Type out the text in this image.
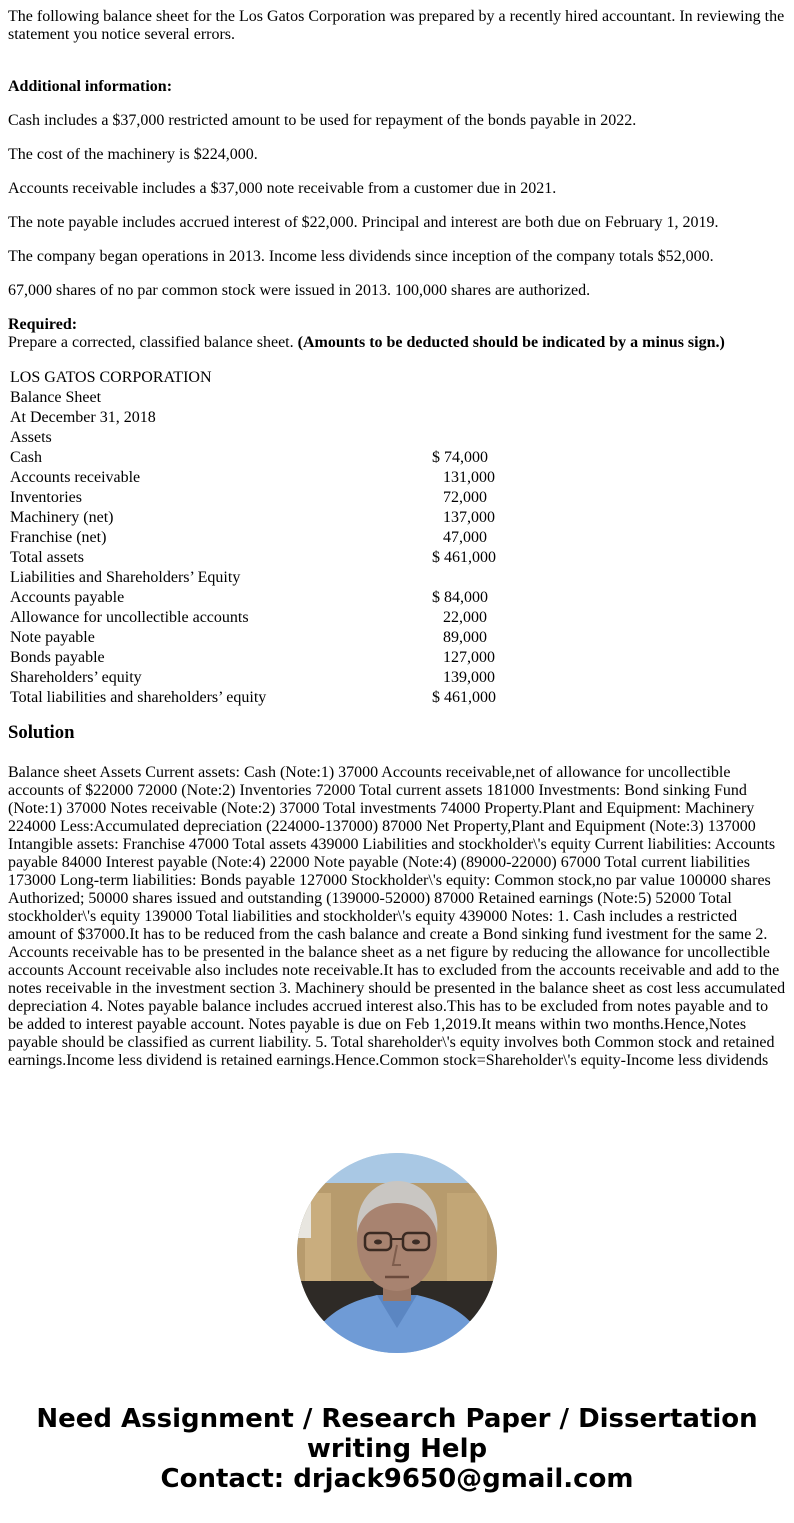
The following balance sheet for the Los Gatos Corporation was prepared by a recently hired accountant. In reviewing the statement you notice several errors.

Additional information:

Cash includes a $37,000 restricted amount to be used for repayment of the bonds payable in 2022.

The cost of the machinery is $224,000.

Accounts receivable includes a $37,000 note receivable from a customer due in 2021.

The note payable includes accrued interest of $22,000. Principal and interest are both due on February 1, 2019.

The company began operations in 2013. Income less dividends since inception of the company totals $52,000.

67,000 shares of no par common stock were issued in 2013. 100,000 shares are authorized.

Required:

Prepare a corrected, classified balance sheet. (Amounts to be deducted should be indicated by a minus sign.)

LOS GATOS CORPORATION	
Balance Sheet	
At December 31, 2018	
Assets	
Cash	$ 74,000
Accounts receivable	131,000
Inventories	72,000
Machinery (net)	137,000
Franchise (net)	47,000
Total assets	$ 461,000
Liabilities and Shareholders’ Equity	
Accounts payable	$ 84,000
Allowance for uncollectible accounts	22,000
Note payable	89,000
Bonds payable	127,000
Shareholders’ equity	139,000
Total liabilities and shareholders’ equity	$ 461,000
Solution

Balance sheet Assets Current assets: Cash (Note:1) 37000 Accounts receivable,net of allowance for uncollectible accounts of $22000 72000 (Note:2) Inventories 72000 Total current assets 181000 Investments: Bond sinking Fund (Note:1) 37000 Notes receivable (Note:2) 37000 Total investments 74000 Property.Plant and Equipment: Machinery 224000 Less:Accumulated depreciation (224000-137000) 87000 Net Property,Plant and Equipment (Note:3) 137000 Intangible assets: Franchise 47000 Total assets 439000 Liabilities and stockholder\'s equity Current liabilities: Accounts payable 84000 Interest payable (Note:4) 22000 Note payable (Note:4) (89000-22000) 67000 Total current liabilities 173000 Long-term liabilities: Bonds payable 127000 Stockholder\'s equity: Common stock,no par value 100000 shares Authorized; 50000 shares issued and outstanding (139000-52000) 87000 Retained earnings (Note:5) 52000 Total stockholder\'s equity 139000 Total liabilities and stockholder\'s equity 439000 Notes: 1. Cash includes a restricted amount of $37000.It has to be reduced from the cash balance and create a Bond sinking fund ivestment for the same 2. Accounts receivable has to be presented in the balance sheet as a net figure by reducing the allowance for uncollectible accounts Account receivable also includes note receivable.It has to excluded from the accounts receivable and add to the notes receivable in the investment section 3. Machinery should be presented in the balance sheet as cost less accumulated depreciation 4. Notes payable balance includes accrued interest also.This has to be excluded from notes payable and to be added to interest payable account. Notes payable is due on Feb 1,2019.It means within two months.Hence,Notes payable should be classified as current liability. 5. Total shareholder\'s equity involves both Common stock and retained earnings.Income less dividend is retained earnings.Hence.Common stock=Shareholder\'s equity-Income less dividends

Need Assignment / Research Paper / Dissertation
writing Help
Contact: drjack9650@gmail.com
